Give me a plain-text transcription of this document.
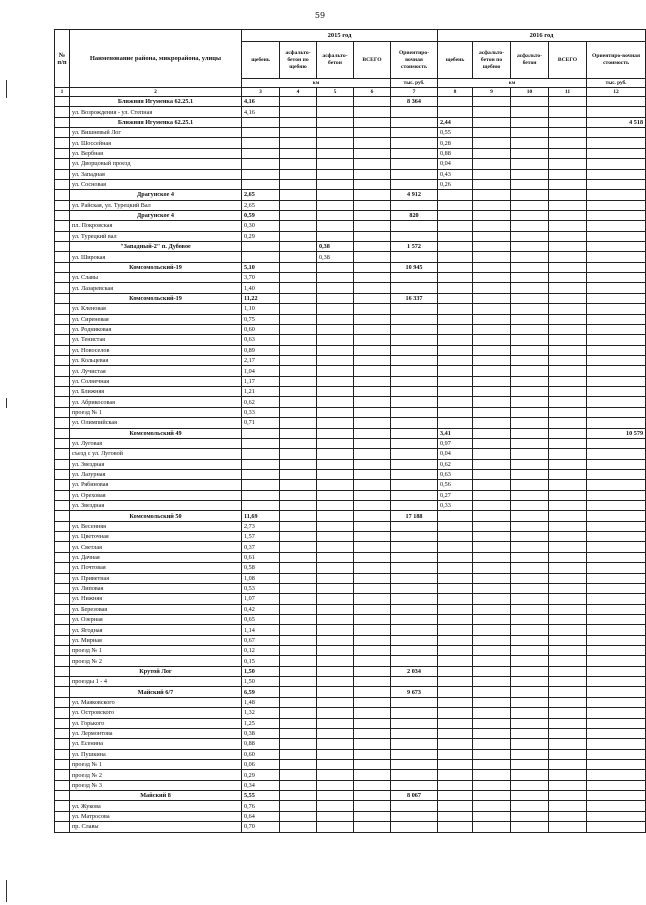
59
№ п/п	Наименование района, микрорайона, улицы	2015 год					2016 год				
		щебень	асфальто-бетон по щебню	асфальто-бетон	ВСЕГО	Ориентиро-вочная стоимость	щебень	асфальто-бетон по щебню	асфальто-бетон	ВСЕГО	Ориентиро-вочная стоимость
		км				тыс. руб.	км				тыс. руб.
1	2	3	4	5	6	7	8	9	10	11	12
	Ближняя Игуменка 62.25.1	4,16				8 364					
	ул. Возрождения - ул. Степная	4,16									
	Ближняя Игуменка 62.25.1						2,44				4 518
	ул. Вишневый Лог						0,55				
	ул. Шоссейная						0,28				
	ул. Вербная						0,88				
	ул. Дворцовый проезд						0,04				
	ул. Западная						0,43				
	ул. Сосновая						0,26				
	Драгунское 4	2,65				4 912					
	ул. Райская, ул. Турецкий Вал	2,65									
	Драгунское 4	0,59				820					
	пл. Покровская	0,30									
	ул. Турецкий вал	0,29									
	"Западный-2" п. Дубовое			0,38		1 572					
	ул. Широкая			0,38							
	Комсомольский-19	5,10				10 945					
	ул. Славы	3,70									
	ул. Лазаревская	1,40									
	Комсомольский-19	11,22				16 337					
	ул. Кленовая	1,10									
	ул. Сиреневая	0,75									
	ул. Родниковая	0,60									
	ул. Тенистая	0,63									
	ул. Новоселов	0,89									
	ул. Кольцевая	2,17									
	ул. Лучистая	1,04									
	ул. Солнечная	1,17									
	ул. Ближняя	1,21									
	ул. Абрикосовая	0,62									
	проезд № 1	0,33									
	ул. Олимпийская	0,71									
	Комсомольский 49						3,41				10 579
	ул. Луговая						0,97				
	съезд с ул. Луговой						0,04				
	ул. Звездная						0,62				
	ул. Лазурная						0,63				
	ул. Рябиновая						0,56				
	ул. Ореховая						0,27				
	ул. Звездная						0,33				
	Комсомольский 50	11,69				17 188					
	ул. Весенняя	2,73									
	ул. Цветочная	1,57									
	ул. Светлая	0,37									
	ул. Дачная	0,61									
	ул. Почтовая	0,58									
	ул. Приветная	1,08									
	ул. Липовая	0,53									
	ул. Нижняя	1,07									
	ул. Березовая	0,42									
	ул. Озерная	0,65									
	ул. Ягодная	1,14									
	ул. Мирная	0,67									
	проезд № 1	0,12									
	проезд № 2	0,15									
	Крутой Лог	1,50				2 034					
	проезды 1 - 4	1,50									
	Майский 6/7	6,59				9 673					
	ул. Маяковского	1,48									
	ул. Островского	1,32									
	ул. Горького	1,25									
	ул. Лермонтова	0,38									
	ул. Есенина	0,88									
	ул. Пушкина	0,60									
	проезд № 1	0,06									
	проезд № 2	0,29									
	проезд № 3	0,34									
	Майский 8	5,55				8 067					
	ул. Жукова	0,76									
	ул. Матросова	0,64									
	пр. Славы	0,70									
